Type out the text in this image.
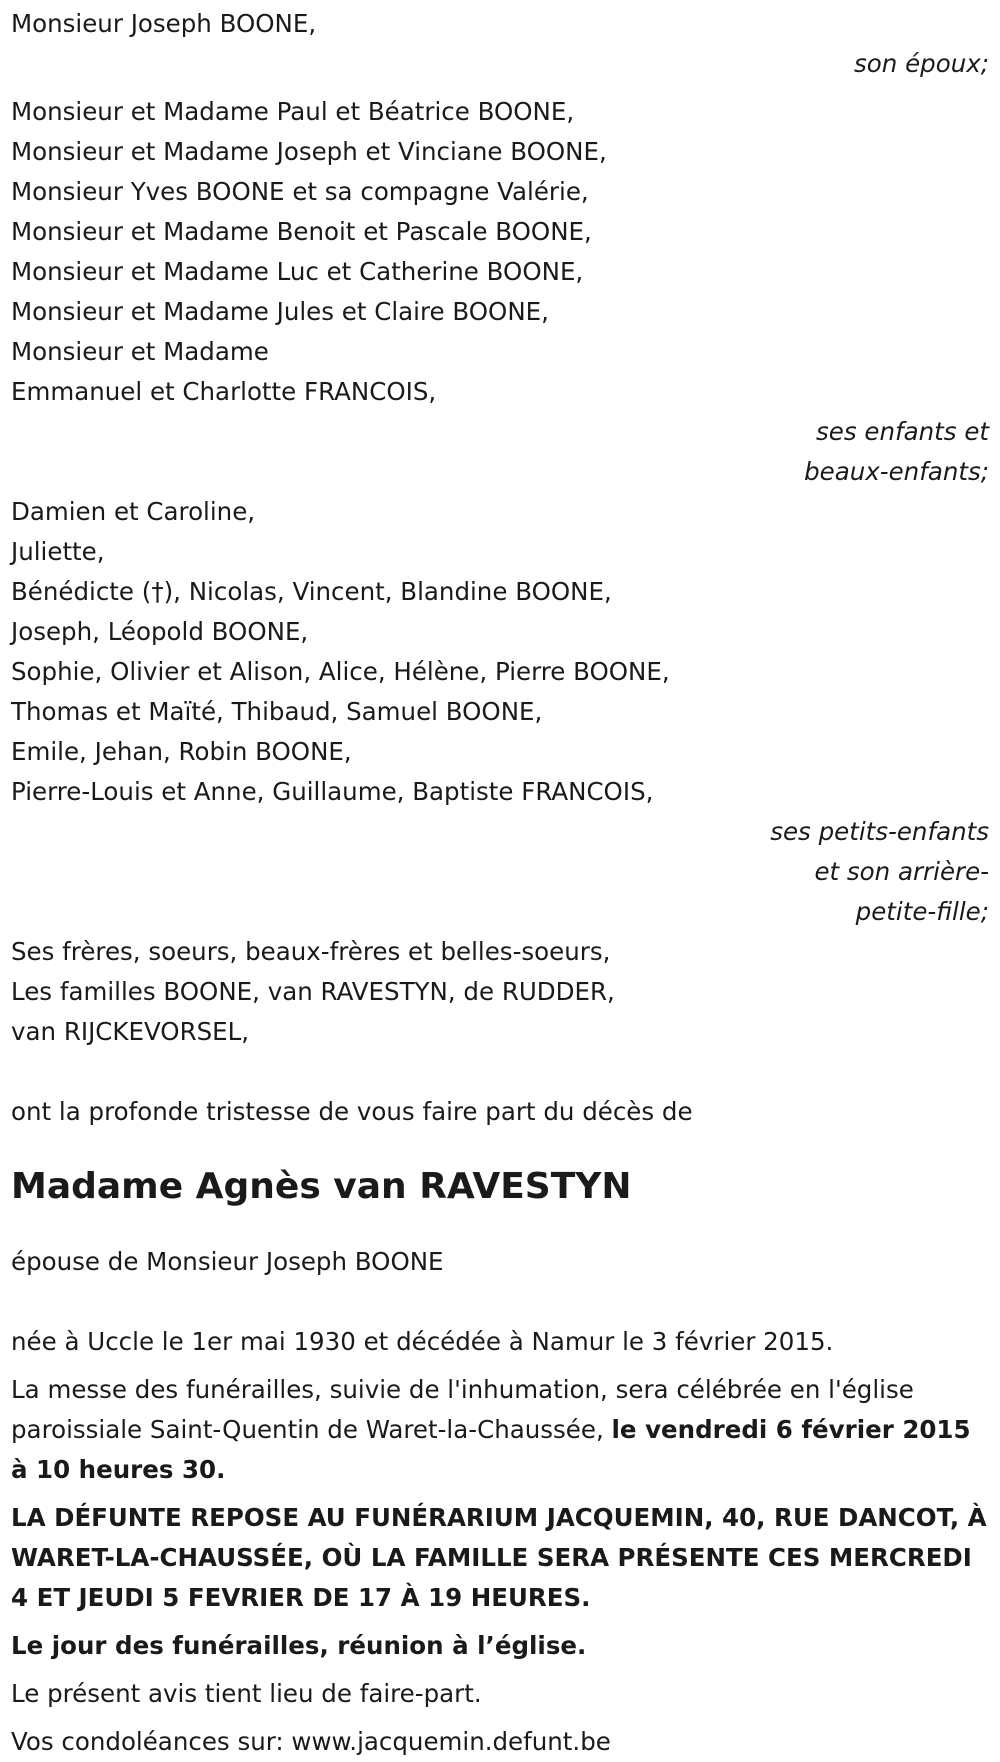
Monsieur Joseph BOONE,
son époux;
Monsieur et Madame Paul et Béatrice BOONE,
Monsieur et Madame Joseph et Vinciane BOONE,
Monsieur Yves BOONE et sa compagne Valérie,
Monsieur et Madame Benoit et Pascale BOONE,
Monsieur et Madame Luc et Catherine BOONE,
Monsieur et Madame Jules et Claire BOONE,
Monsieur et Madame
Emmanuel et Charlotte FRANCOIS,
ses enfants et
beaux-enfants;
Damien et Caroline,
Juliette,
Bénédicte (†), Nicolas, Vincent, Blandine BOONE,
Joseph, Léopold BOONE,
Sophie, Olivier et Alison, Alice, Hélène, Pierre BOONE,
Thomas et Maïté, Thibaud, Samuel BOONE,
Emile, Jehan, Robin BOONE,
Pierre-Louis et Anne, Guillaume, Baptiste FRANCOIS,
ses petits-enfants
et son arrière-
petite-fille;
Ses frères, soeurs, beaux-frères et belles-soeurs,
Les familles BOONE, van RAVESTYN, de RUDDER,
van RIJCKEVORSEL,
ont la profonde tristesse de vous faire part du décès de
Madame Agnès van RAVESTYN
épouse de Monsieur Joseph BOONE
née à Uccle le 1er mai 1930 et décédée à Namur le 3 février 2015.
La messe des funérailles, suivie de l'inhumation, sera célébrée en l'église paroissiale Saint-Quentin de Waret-la-Chaussée, le vendredi 6 février 2015 à 10 heures 30.
LA DÉFUNTE REPOSE AU FUNÉRARIUM JACQUEMIN, 40, RUE DANCOT, À WARET-LA-CHAUSSÉE, OÙ LA FAMILLE SERA PRÉSENTE CES MERCREDI 4 ET JEUDI 5 FEVRIER DE 17 À 19 HEURES.
Le jour des funérailles, réunion à l’église.
Le présent avis tient lieu de faire-part.
Vos condoléances sur: www.jacquemin.defunt.be
